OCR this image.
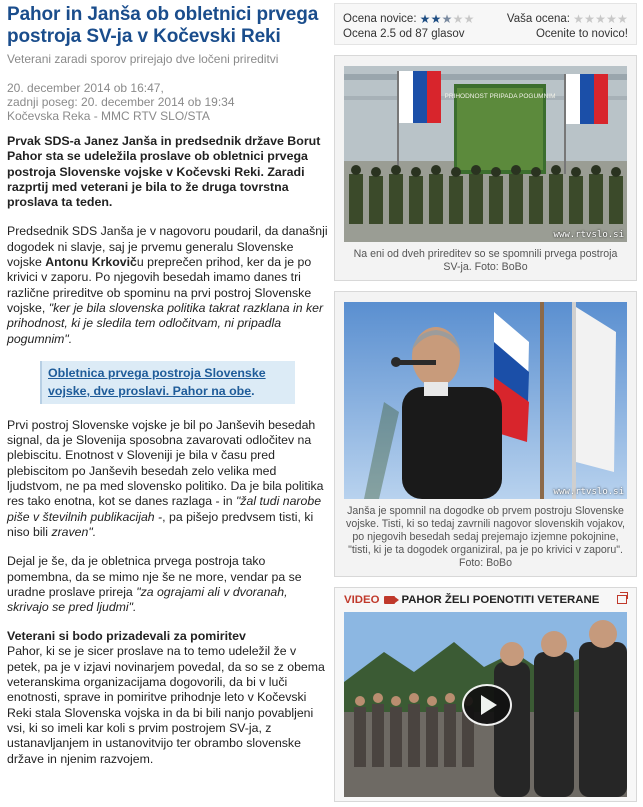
Pahor in Janša ob obletnici prvega postroja SV-ja v Kočevski Reki
Veterani zaradi sporov prirejajo dve ločeni prireditvi
20. december 2014 ob 16:47,
zadnji poseg: 20. december 2014 ob 19:34
Kočevska Reka - MMC RTV SLO/STA

Prvak SDS-a Janez Janša in predsednik države Borut Pahor sta se udeležila proslave ob obletnici prvega postroja Slovenske vojske v Kočevski Reki. Zaradi razprtij med veterani je bila to že druga tovrstna proslava ta teden.

Predsednik SDS Janša je v nagovoru poudaril, da današnji dogodek ni slavje, saj je prvemu generalu Slovenske vojske Antonu Krkoviču preprečen prihod, ker da je po krivici v zaporu. Po njegovih besedah imamo danes tri različne prireditve ob spominu na prvi postroj Slovenske vojske, "ker je bila slovenska politika takrat razklana in ker prihodnost, ki je sledila tem odločitvam, ni pripadla pogumnim".

Obletnica prvega postroja Slovenske vojske, dve proslavi. Pahor na obe.

Prvi postroj Slovenske vojske je bil po Janševih besedah signal, da je Slovenija sposobna zavarovati odločitev na plebiscitu. Enotnost v Sloveniji je bila v času pred plebiscitom po Janševih besedah zelo velika med ljudstvom, ne pa med slovensko politiko. Da je bila politika res tako enotna, kot se danes razlaga - in "žal tudi narobe piše v številnih publikacijah -, pa pišejo predvsem tisti, ki niso bili zraven".

Dejal je še, da je obletnica prvega postroja tako pomembna, da se mimo nje še ne more, vendar pa se uradne proslave prireja "za ograjami ali v dvoranah, skrivajo se pred ljudmi".

Veterani si bodo prizadevali za pomiritev

Pahor, ki se je sicer proslave na to temo udeležil že v petek, pa je v izjavi novinarjem povedal, da so se z obema veteranskima organizacijama dogovorili, da bi v luči enotnosti, sprave in pomiritve prihodnje leto v Kočevski Reki stala Slovenska vojska in da bi bili nanjo povabljeni vsi, ki so imeli kar koli s prvim postrojem SV-ja, z ustanavljanjem in ustanovitvijo ter obrambo slovenske države in njenim razvojem.

Ocena novice: ★ ★ ★ ★ ★
Ocena 2.5 od 87 glasov
Vaša ocena: ★ ★ ★ ★ ★
Ocenite to novico!
PRIHODNOST PRIPADA POGUMNIM
www.rtvslo.si
Na eni od dveh prireditev so se spomnili prvega postroja SV-ja. Foto: BoBo
www.rtvslo.si
Janša je spomnil na dogodke ob prvem postroju Slovenske vojske. Tisti, ki so tedaj zavrnili nagovor slovenskih vojakov, po njegovih besedah sedaj prejemajo izjemne pokojnine, "tisti, ki je ta dogodek organiziral, pa je po krivici v zaporu". Foto: BoBo
VIDEO PAHOR ŽELI POENOTITI VETERANE
